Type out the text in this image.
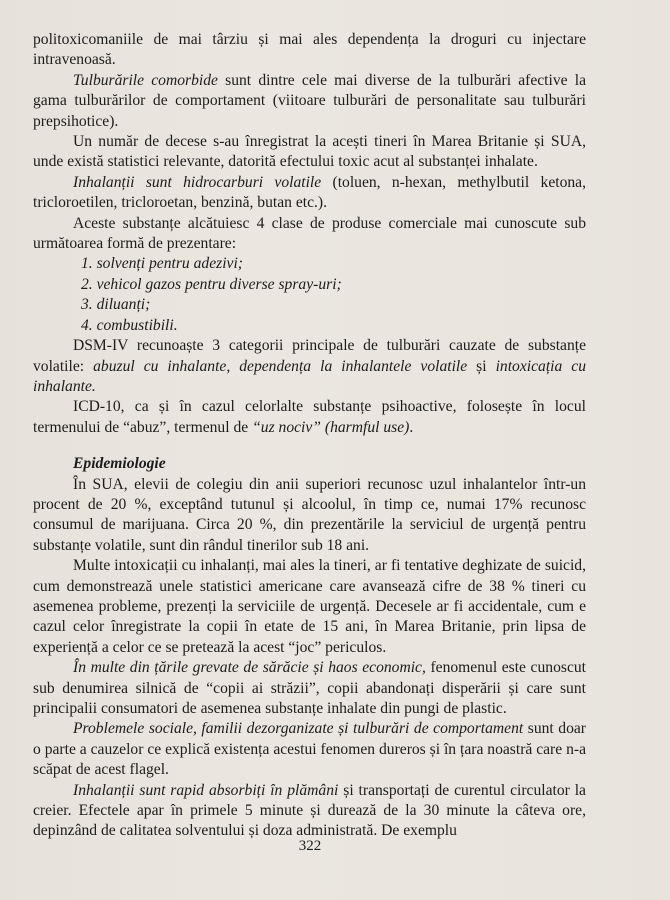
politoxicomaniile de mai târziu și mai ales dependența la droguri cu injectare intravenoasă.

Tulburările comorbide sunt dintre cele mai diverse de la tulburări afective la gama tulburărilor de comportament (viitoare tulburări de personalitate sau tulburări prepsihotice).

Un număr de decese s-au înregistrat la acești tineri în Marea Britanie și SUA, unde există statistici relevante, datorită efectului toxic acut al substanței inhalate.

Inhalanții sunt hidrocarburi volatile (toluen, n-hexan, methylbutil ketona, tricloroetilen, tricloroetan, benzină, butan etc.).

Aceste substanțe alcătuiesc 4 clase de produse comerciale mai cunoscute sub următoarea formă de prezentare:

1. solvenți pentru adezivi;
2. vehicol gazos pentru diverse spray-uri;
3. diluanți;
4. combustibili.

DSM-IV recunoaște 3 categorii principale de tulburări cauzate de substanțe volatile: abuzul cu inhalante, dependența la inhalantele volatile și intoxicația cu inhalante.

ICD-10, ca și în cazul celorlalte substanțe psihoactive, folosește în locul termenului de “abuz”, termenul de “uz nociv” (harmful use).

Epidemiologie

În SUA, elevii de colegiu din anii superiori recunosc uzul inhalantelor într-un procent de 20 %, exceptând tutunul și alcoolul, în timp ce, numai 17% recunosc consumul de marijuana. Circa 20 %, din prezentările la serviciul de urgență pentru substanțe volatile, sunt din rândul tinerilor sub 18 ani.

Multe intoxicații cu inhalanți, mai ales la tineri, ar fi tentative deghizate de suicid, cum demonstrează unele statistici americane care avansează cifre de 38 % tineri cu asemenea probleme, prezenți la serviciile de urgență. Decesele ar fi accidentale, cum e cazul celor înregistrate la copii în etate de 15 ani, în Marea Britanie, prin lipsa de experiență a celor ce se pretează la acest “joc” periculos.

În multe din țările grevate de sărăcie și haos economic, fenomenul este cunoscut sub denumirea silnică de “copii ai străzii”, copii abandonați disperării și care sunt principalii consumatori de asemenea substanțe inhalate din pungi de plastic.

Problemele sociale, familii dezorganizate și tulburări de comportament sunt doar o parte a cauzelor ce explică existența acestui fenomen dureros și în țara noastră care n-a scăpat de acest flagel.

Inhalanții sunt rapid absorbiți în plămâni și transportați de curentul circulator la creier. Efectele apar în primele 5 minute și durează de la 30 minute la câteva ore, depinzând de calitatea solventului și doza administrată. De exemplu

322
